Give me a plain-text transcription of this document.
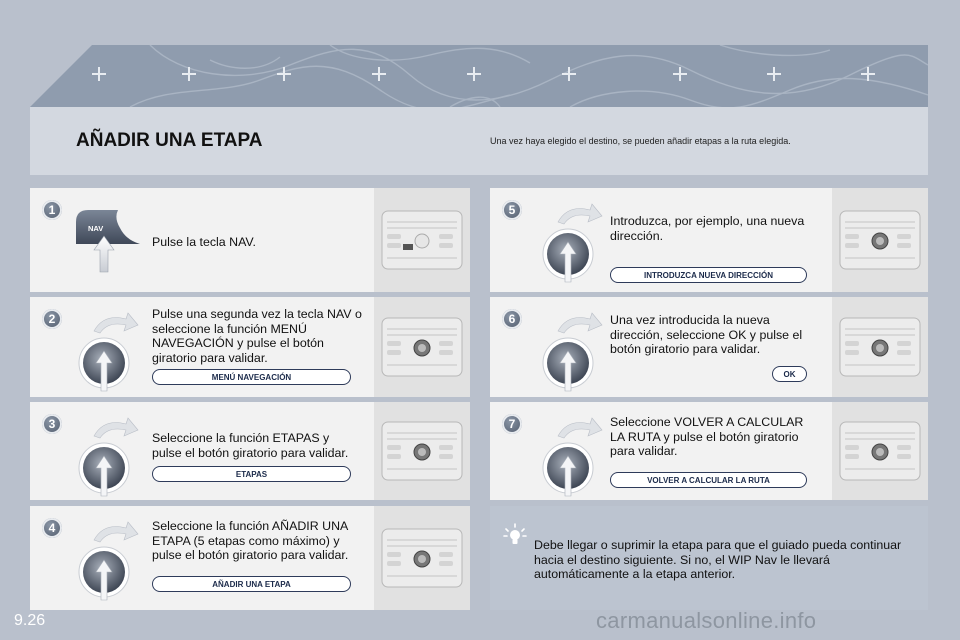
AÑADIR UNA ETAPA	Una vez haya elegido el destino, se pueden añadir etapas a la ruta elegida.
1
NAV
Pulse la tecla NAV.
2	Pulse una segunda vez la tecla NAV o seleccione la función MENÚ NAVEGACIÓN y pulse el botón giratorio para validar.
MENÚ NAVEGACIÓN
3
Seleccione la función ETAPAS y pulse el botón giratorio para validar.
ETAPAS
4	Seleccione la función AÑADIR UNA ETAPA (5 etapas como máximo) y pulse el botón giratorio para validar.
AÑADIR UNA ETAPA
5
Introduzca, por ejemplo, una nueva dirección.
INTRODUZCA NUEVA DIRECCIÓN
6	Una vez introducida la nueva dirección, seleccione OK y pulse el botón giratorio para validar.
OK
7	Seleccione VOLVER A CALCULAR LA RUTA y pulse el botón giratorio para validar.
VOLVER A CALCULAR LA RUTA
Debe llegar o suprimir la etapa para que el guiado pueda continuar hacia el destino siguiente. Si no, el WIP Nav le llevará automáticamente a la etapa anterior.
9.26	carmanualsonline.info
